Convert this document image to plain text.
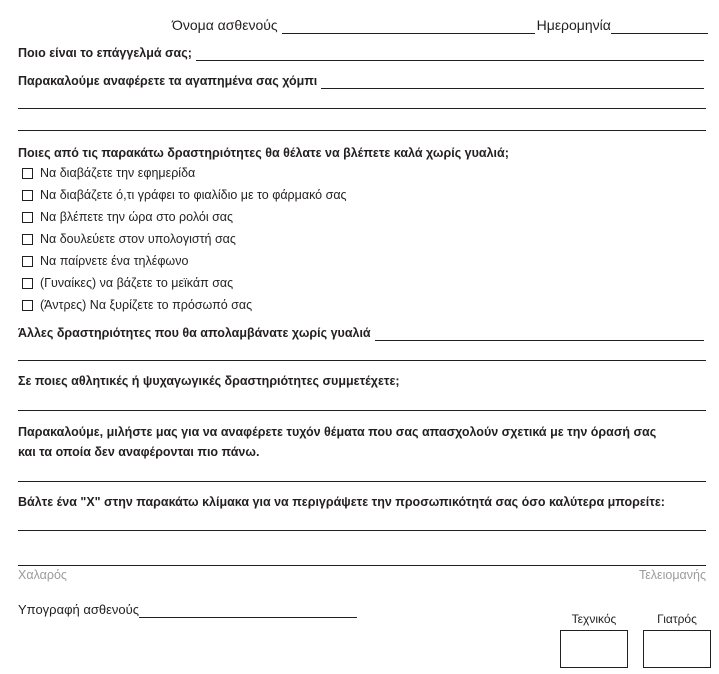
Όνομα ασθενούς	Ημερομηνία
Ποιο είναι το επάγγελμά σας;
Παρακαλούμε αναφέρετε τα αγαπημένα σας χόμπι
Ποιες από τις παρακάτω δραστηριότητες θα θέλατε να βλέπετε καλά χωρίς γυαλιά;
Να διαβάζετε την εφημερίδα
Να διαβάζετε ό,τι γράφει το φιαλίδιο με το φάρμακό σας
Να βλέπετε την ώρα στο ρολόι σας
Να δουλεύετε στον υπολογιστή σας
Να παίρνετε ένα τηλέφωνο
(Γυναίκες) να βάζετε το μεϊκάπ σας
(Άντρες) Να ξυρίζετε το πρόσωπό σας
Άλλες δραστηριότητες που θα απολαμβάνατε χωρίς γυαλιά
Σε ποιες αθλητικές ή ψυχαγωγικές δραστηριότητες συμμετέχετε;
Παρακαλούμε, μιλήστε μας για να αναφέρετε τυχόν θέματα που σας απασχολούν σχετικά με την όρασή σας
και τα οποία δεν αναφέρονται πιο πάνω.
Βάλτε ένα "Χ" στην παρακάτω κλίμακα για να περιγράψετε την προσωπικότητά σας όσο καλύτερα μπορείτε:
Χαλαρός	Τελειομανής
Υπογραφή ασθενούς
Τεχνικός	Γιατρός
